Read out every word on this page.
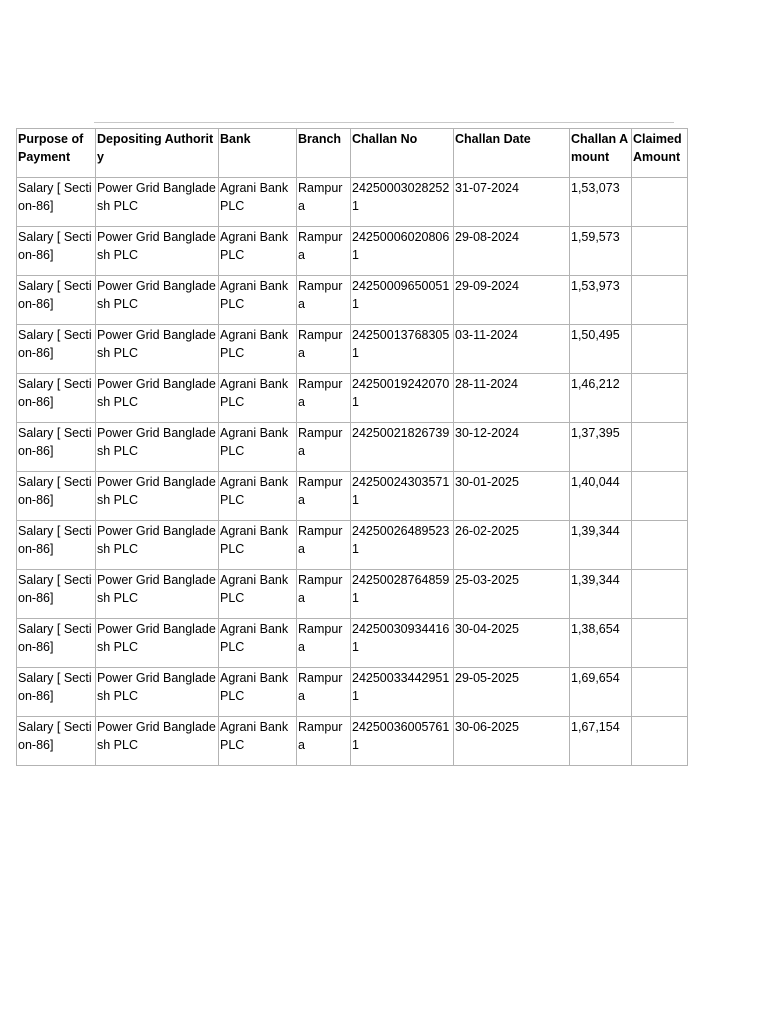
Purpose of Payment	Depositing Authority	Bank	Branch	Challan No	Challan Date	Challan Amount	Claimed Amount
Salary [ Section-86]	Power Grid Bangladesh PLC	Agrani Bank PLC	Rampura	242500030282521	31-07-2024	1,53,073	
Salary [ Section-86]	Power Grid Bangladesh PLC	Agrani Bank PLC	Rampura	242500060208061	29-08-2024	1,59,573	
Salary [ Section-86]	Power Grid Bangladesh PLC	Agrani Bank PLC	Rampura	242500096500511	29-09-2024	1,53,973	
Salary [ Section-86]	Power Grid Bangladesh PLC	Agrani Bank PLC	Rampura	242500137683051	03-11-2024	1,50,495	
Salary [ Section-86]	Power Grid Bangladesh PLC	Agrani Bank PLC	Rampura	242500192420701	28-11-2024	1,46,212	
Salary [ Section-86]	Power Grid Bangladesh PLC	Agrani Bank PLC	Rampura	24250021826739	30-12-2024	1,37,395	
Salary [ Section-86]	Power Grid Bangladesh PLC	Agrani Bank PLC	Rampura	242500243035711	30-01-2025	1,40,044	
Salary [ Section-86]	Power Grid Bangladesh PLC	Agrani Bank PLC	Rampura	242500264895231	26-02-2025	1,39,344	
Salary [ Section-86]	Power Grid Bangladesh PLC	Agrani Bank PLC	Rampura	242500287648591	25-03-2025	1,39,344	
Salary [ Section-86]	Power Grid Bangladesh PLC	Agrani Bank PLC	Rampura	242500309344161	30-04-2025	1,38,654	
Salary [ Section-86]	Power Grid Bangladesh PLC	Agrani Bank PLC	Rampura	242500334429511	29-05-2025	1,69,654	
Salary [ Section-86]	Power Grid Bangladesh PLC	Agrani Bank PLC	Rampura	242500360057611	30-06-2025	1,67,154	
